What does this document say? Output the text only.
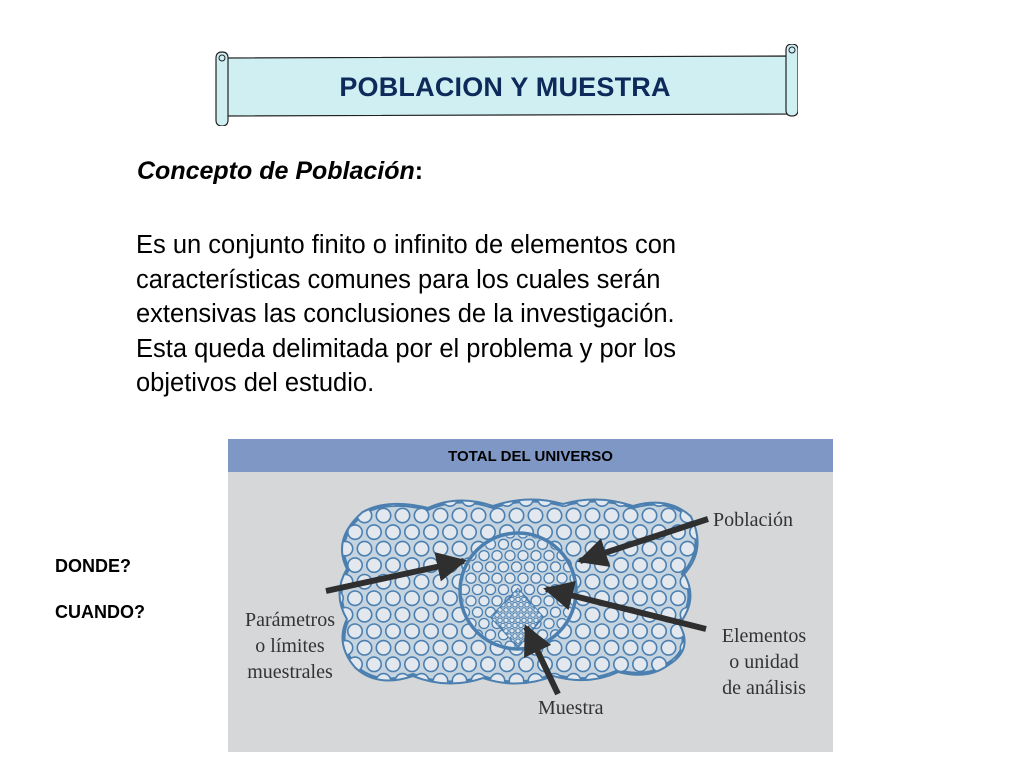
POBLACION Y MUESTRA
Concepto de Población:
Es un conjunto finito o infinito de elementos con
características comunes para los cuales serán
extensivas las conclusiones de la investigación.
Esta queda delimitada por el problema y por los
objetivos del estudio.
DONDE?
CUANDO?
TOTAL DEL UNIVERSO
Población
Parámetros
o límites
muestrales
Elementos
o unidad
de análisis
Muestra
